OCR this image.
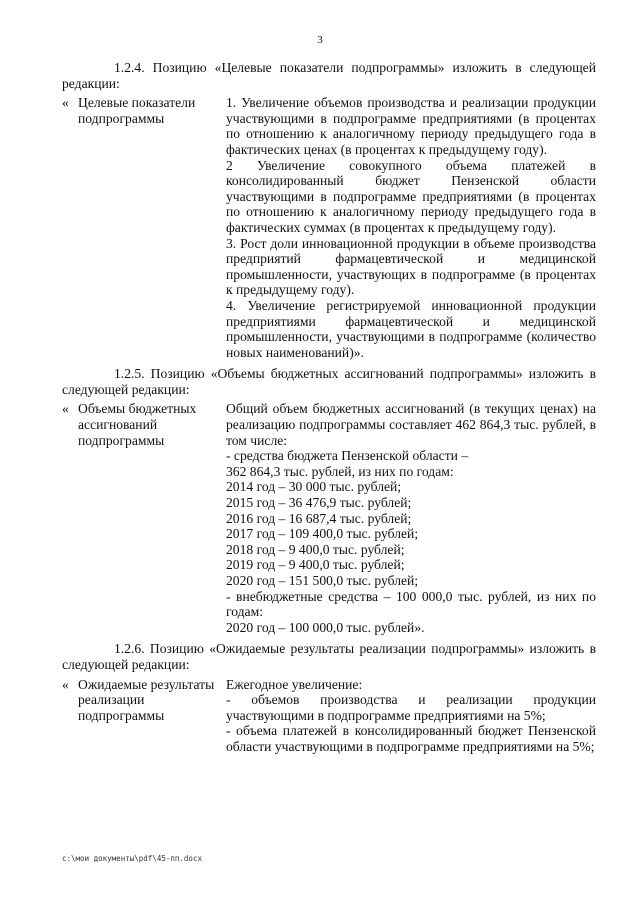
3

1.2.4. Позицию «Целевые показатели подпрограммы» изложить в следующей редакции:

« Целевые показатели подпрограммы

1. Увеличение объемов производства и реализации продукции участвующими в подпрограмме предприятиями (в процентах по отношению к аналогичному периоду предыдущего года в фактических ценах (в процентах к предыдущему году).

2 Увеличение совокупного объема платежей в консолидированный бюджет Пензенской области участвующими в подпрограмме предприятиями (в процентах по отношению к аналогичному периоду предыдущего года в фактических суммах (в процентах к предыдущему году).

3. Рост доли инновационной продукции в объеме производства предприятий фармацевтической и медицинской промышленности, участвующих в подпрограмме (в процентах к предыдущему году).

4. Увеличение регистрируемой инновационной продукции предприятиями фармацевтической и медицинской промышленности, участвующими в подпрограмме (количество новых наименований)».

1.2.5. Позицию «Объемы бюджетных ассигнований подпрограммы» изложить в следующей редакции:

« Объемы бюджетных ассигнований подпрограммы

Общий объем бюджетных ассигнований (в текущих ценах) на реализацию подпрограммы составляет 462 864,3 тыс. рублей, в том числе:

- средства бюджета Пензенской области –

362 864,3 тыс. рублей, из них по годам:

2014 год – 30 000 тыс. рублей;

2015 год – 36 476,9 тыс. рублей;

2016 год – 16 687,4 тыс. рублей;

2017 год – 109 400,0 тыс. рублей;

2018 год – 9 400,0 тыс. рублей;

2019 год – 9 400,0 тыс. рублей;

2020 год – 151 500,0 тыс. рублей;

- внебюджетные средства – 100 000,0 тыс. рублей, из них по годам:

2020 год – 100 000,0 тыс. рублей».

1.2.6. Позицию «Ожидаемые результаты реализации подпрограммы» изложить в следующей редакции:

« Ожидаемые результаты реализации подпрограммы

Ежегодное увеличение:

- объемов производства и реализации продукции участвующими в подпрограмме предприятиями на 5%;

- объема платежей в консолидированный бюджет Пензенской области участвующими в подпрограмме предприятиями на 5%;

c:\мои документы\pdf\45-пп.docx
